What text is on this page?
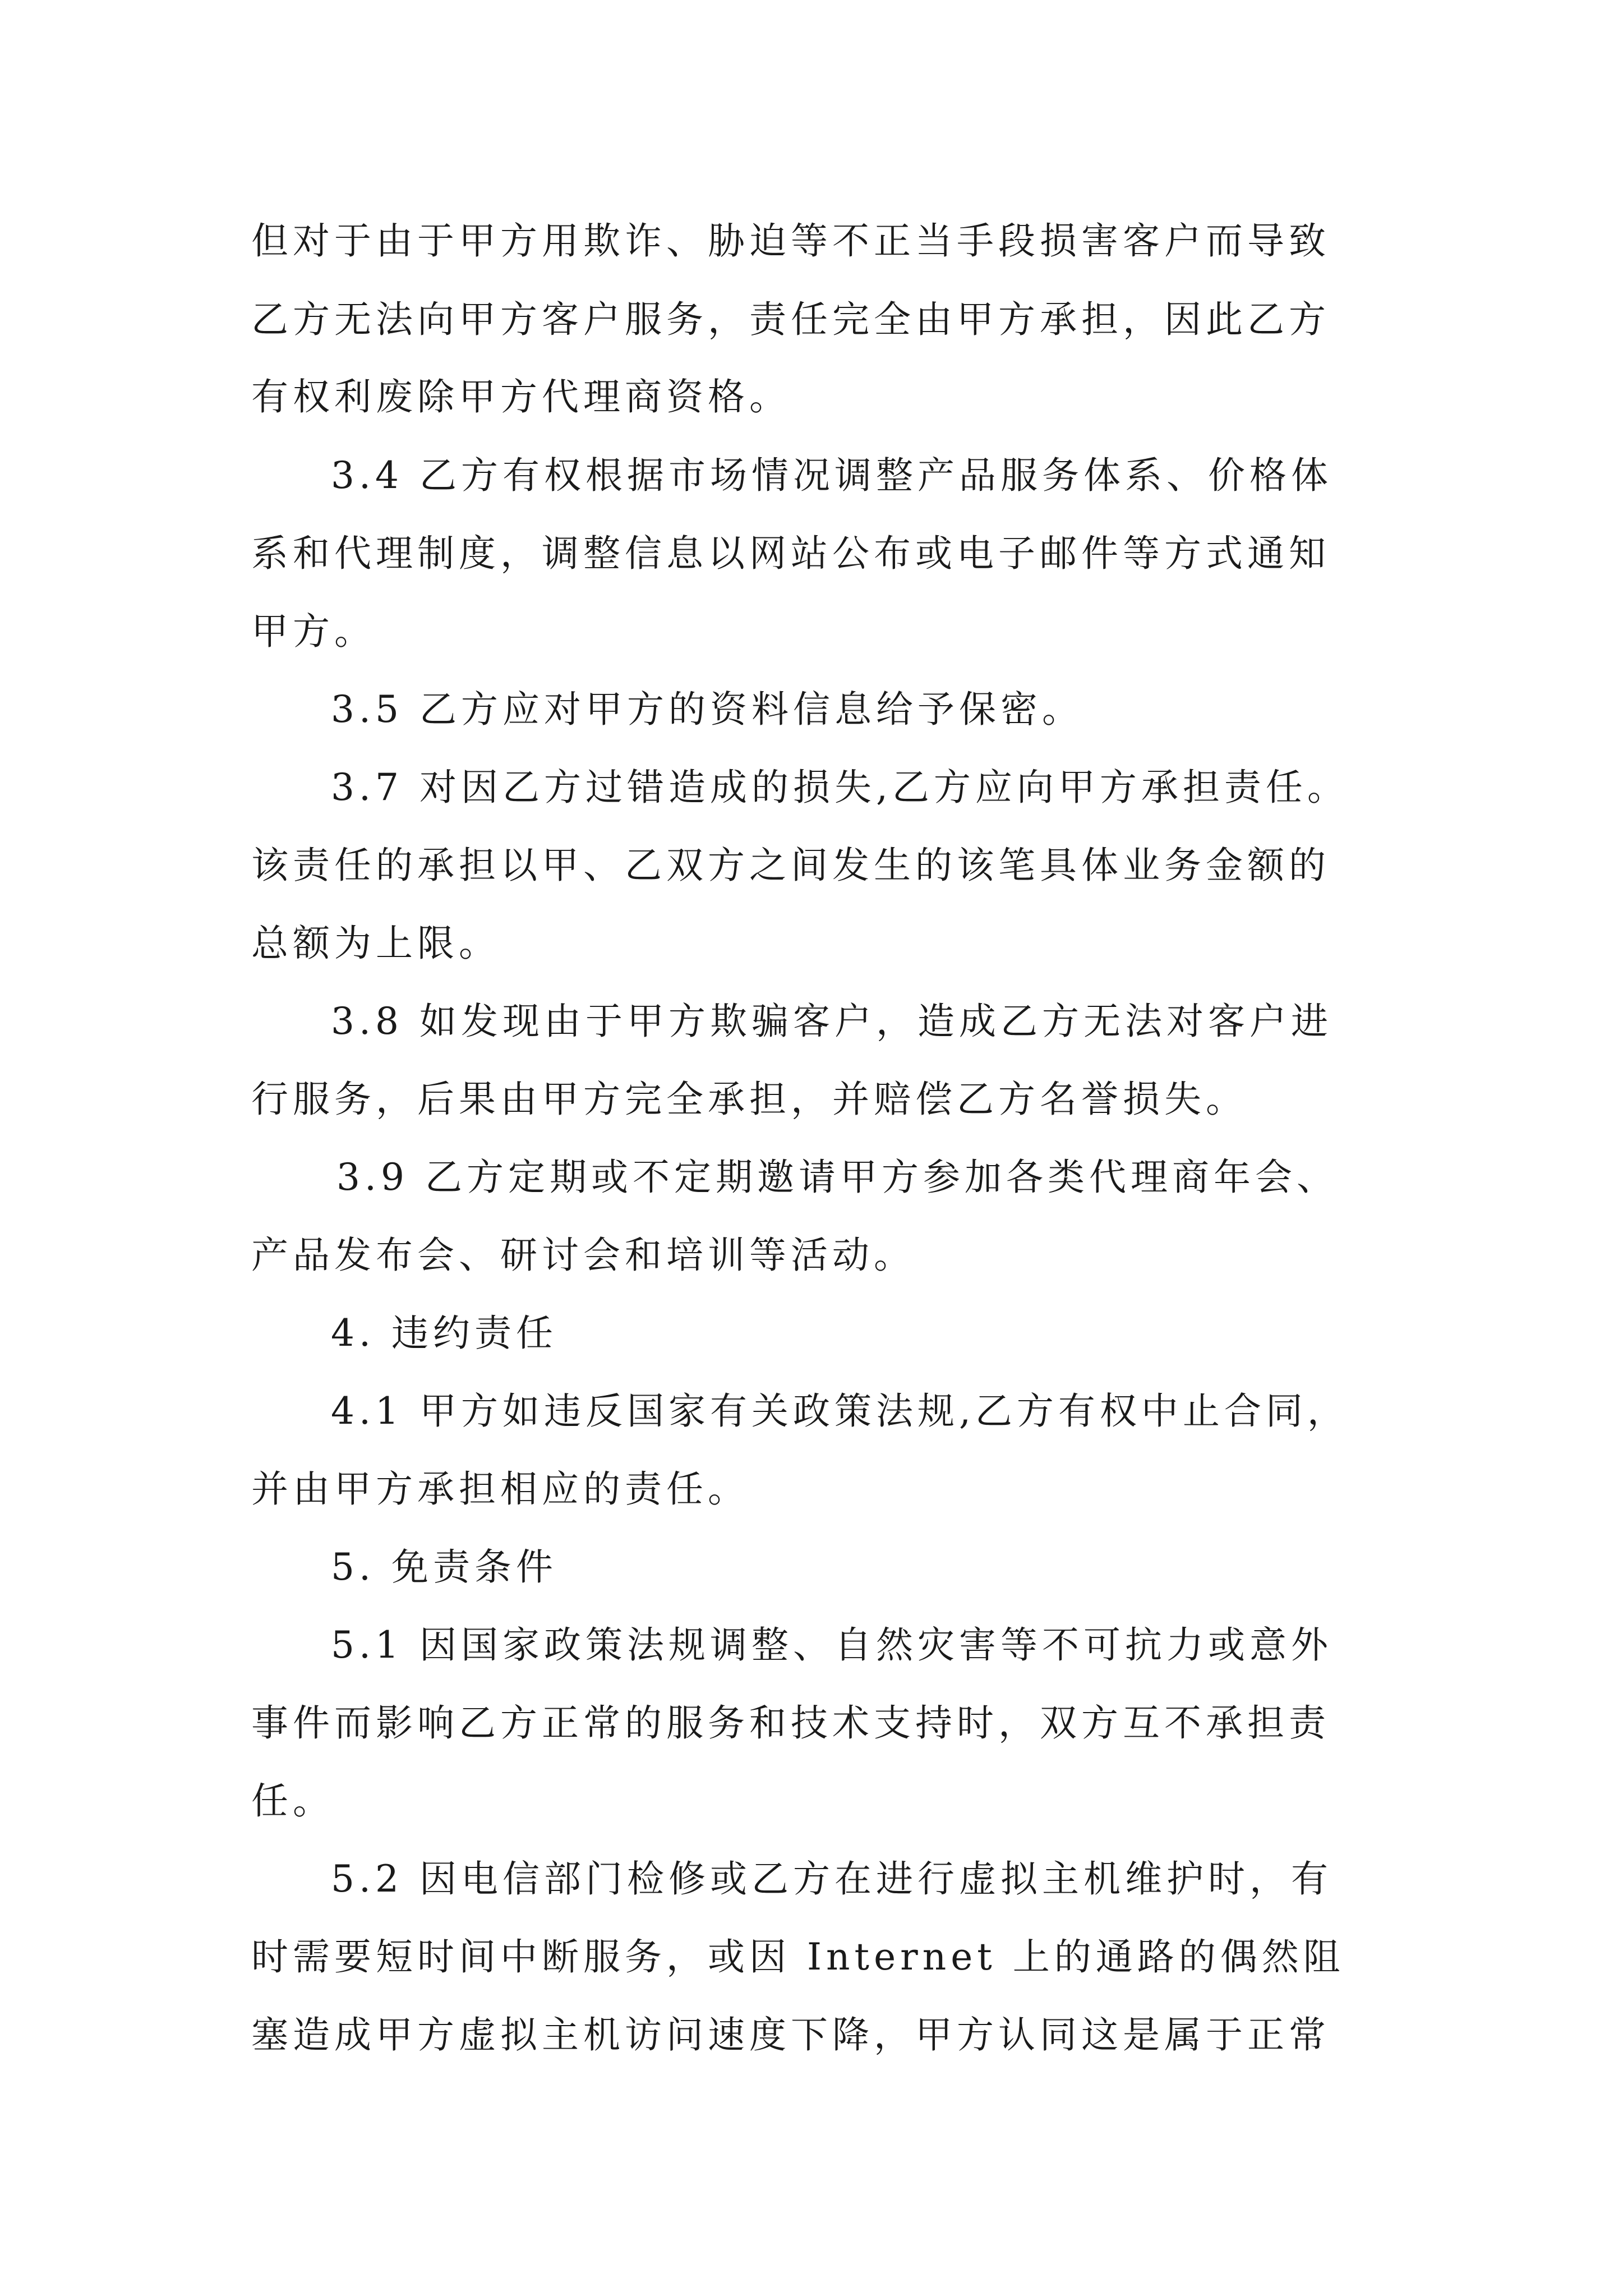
但对于由于甲方用欺诈、胁迫等不正当手段损害客户而导致
乙方无法向甲方客户服务，责任完全由甲方承担，因此乙方
有权利废除甲方代理商资格。
3.4 乙方有权根据市场情况调整产品服务体系、价格体
系和代理制度，调整信息以网站公布或电子邮件等方式通知
甲方。
3.5 乙方应对甲方的资料信息给予保密。
3.7 对因乙方过错造成的损失,乙方应向甲方承担责任。
该责任的承担以甲、乙双方之间发生的该笔具体业务金额的
总额为上限。
3.8 如发现由于甲方欺骗客户，造成乙方无法对客户进
行服务，后果由甲方完全承担，并赔偿乙方名誉损失。
3.9 乙方定期或不定期邀请甲方参加各类代理商年会、
产品发布会、研讨会和培训等活动。
4. 违约责任
4.1 甲方如违反国家有关政策法规,乙方有权中止合同，
并由甲方承担相应的责任。
5. 免责条件
5.1 因国家政策法规调整、自然灾害等不可抗力或意外
事件而影响乙方正常的服务和技术支持时，双方互不承担责
任。
5.2 因电信部门检修或乙方在进行虚拟主机维护时，有
时需要短时间中断服务，或因 Internet 上的通路的偶然阻
塞造成甲方虚拟主机访问速度下降，甲方认同这是属于正常
